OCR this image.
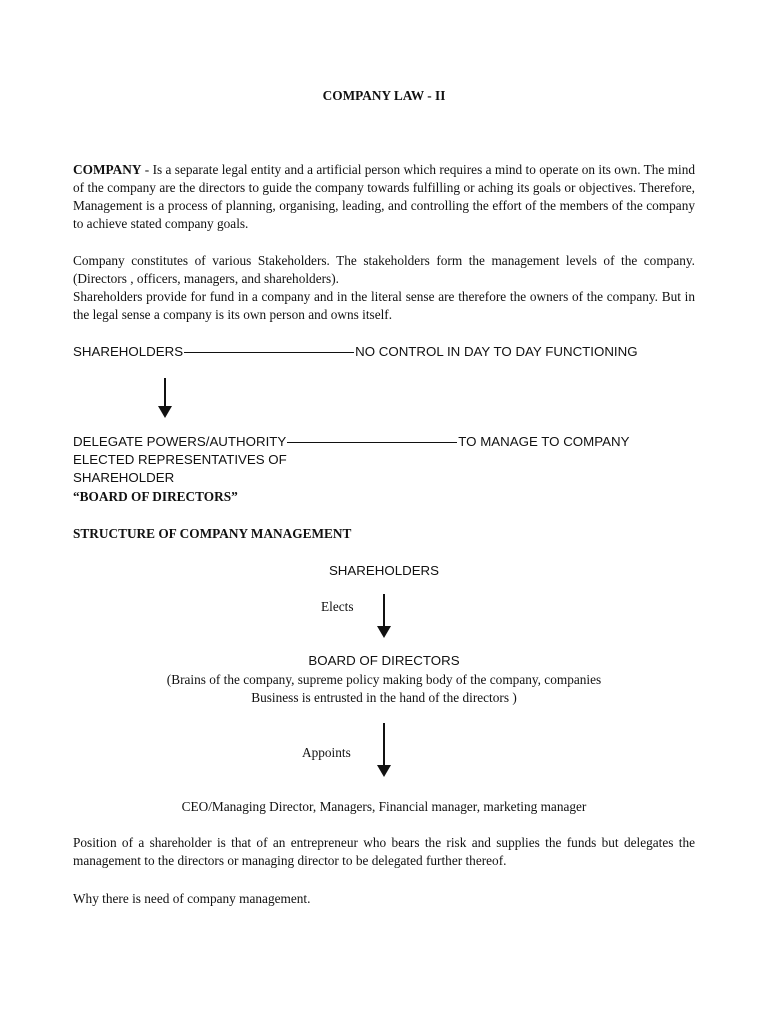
COMPANY LAW - II
COMPANY - Is a separate legal entity and a artificial person which requires a mind to operate on its own. The mind of the company are the directors to guide the company towards fulfilling or aching its goals or objectives. Therefore, Management is a process of planning, organising, leading, and controlling the effort of the members of the company to achieve stated company goals.
Company constitutes of various Stakeholders. The stakeholders form the management levels of the company.(Directors , officers, managers, and shareholders).
Shareholders provide for fund in a company and in the literal sense are therefore the owners of the company. But in the legal sense a company is its own person and owns itself.
SHAREHOLDERS	NO CONTROL IN DAY TO DAY FUNCTIONING
DELEGATE POWERS/AUTHORITY	TO MANAGE TO COMPANY
ELECTED REPRESENTATIVES OF
SHAREHOLDER
“BOARD OF DIRECTORS”
STRUCTURE OF COMPANY MANAGEMENT
SHAREHOLDERS
Elects
BOARD OF DIRECTORS
(Brains of the company, supreme policy making body of the company, companies
Business is entrusted in the hand of the directors )
Appoints
CEO/Managing Director, Managers, Financial manager, marketing manager
Position of a shareholder is that of an entrepreneur who bears the risk and supplies the funds but delegates the management to the directors or managing director to be delegated further thereof.
Why there is need of company management.
